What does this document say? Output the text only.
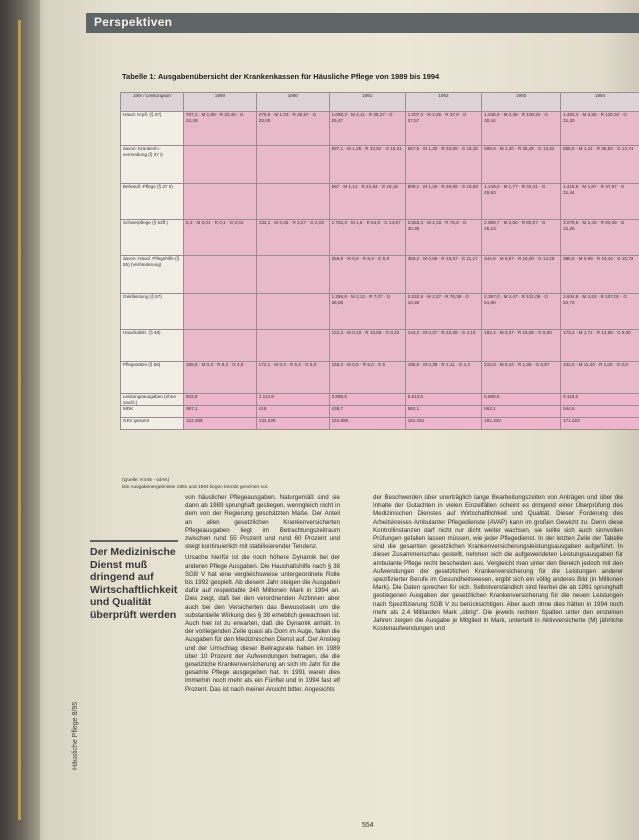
Perspektiven
Tabelle 1: Ausgabenübersicht der Krankenkassen für Häusliche Pflege von 1989 bis 1994
Jahr / Leistungsart	1989	1990	1991	1992	1993	1994
Häusl. Krpfl. (§ 37)	767,1 · M 1,85 · R 32,45 · G 24,29	479,8 · M 1,03 · R 25,57 · G 23,00	1.095,3 · M 2,11 · R 35,27 · G 25,47	1.207,3 · M 2,35 · R 37,8 · G 27,57	1.348,9 · M 2,36 · R 108,34 · G 30,44	1.493,3 · M 2,56 · R 120,34 · G 31,20
davon: Krankenh.-vermeidung (§ 37 I)			597,1 · M 1,25 · R 32,52 · G 15,21	667,5 · M 1,30 · R 33,89 · G 15,32	699,8 · M 1,30 · R 36,45 · G 13,32	658,8 · M 1,21 · R 36,83 · G 14,74
Behandl.-Pflege (§ 37 II)			697 · M 1,14 · R 21,84 · G 16,18	909,1 · M 1,33 · R 26,99 · G 15,93	1.149,0 · M 1,77 · R 34,41 · G 29,93	1.415,6 · M 1,87 · R 37,97 · G 31,44
Schwerpflege (§ 53ff.)	6,3 · M 0,01 · R 0,1 · G 0,01	133,1 · M 0,48 · R 3,27 · G 2,03	1.752,3 · M 1,6 · R 54,9 · G 14,57	2.553,3 · M 2,18 · R 75,6 · G 20,35	2.988,7 · M 2,50 · R 80,07 · G 25,23	3.078,5 · M 2,43 · R 84,08 · G 22,26
davon: Häusl. Pflegehilfe (§ 55) (Verhinderung)			256,8 · M 0,6 · R 8,3 · G 5,9	358,2 · M 0,65 · R 16,37 · G 11,17	344,6 · M 0,67 · R 16,30 · G 14,28	385,6 · M 0,69 · R 19,44 · G 15,72
Geldleistung (§ 57)			1.286,8 · M 2,12 · R 7,07 · G 35,06	2.032,9 · M 2,37 · R 76,39 · G 44,36	2.397,0 · M 2,47 · R 101,08 · G 51,88	2.604,8 · M 2,63 · R 107,01 · G 52,73
Haushaltsh. (§ 38)			131,3 · M 0,18 · R 10,58 · G 0,22	144,2 · M 0,27 · R 22,38 · G 4,19	162,4 · M 0,37 · R 16,55 · G 6,00	173,4 · M 1,71 · R 13,55 · G 5,00
Pflegesätze (§ 56)	169,8 · M 0,3 · R 6,2 · G 4,9	172,1 · M 0,4 · R 5,2 · G 5,0	156,3 · M 0,5 · R 5,0 · G 5	195,6 · M 0,38 · R 1,11 · G 4,4	212,8 · M 0,44 · R 1,38 · G 6,87	242,6 · M 11,40 · R 1,04 · G 0,6
Leistungsausgaben (ohne Sachl.)	943,8	1.114,9	3.895,5	5.813,0	6.888,6	9.119,5
MDK	397,1	418	438,7	582,1	563,1	544,5
GKV gesamt	122.268	134.238	154.886	161.291	181.342	171.023
(Quelle: KV45 - vdAK)
Die Ausgabenergebnisse 1991 und 1994 liegen bereits gesichert vor.
von häuslicher Pflegeausgaben. Naturgemäß sind sie dann ab 1989 sprunghaft gestiegen, wenngleich nicht in dem von der Regierung geschätzten Maße. Der Anteil an allen gesetzlichen Krankenversicherten Pflegeausgaben liegt im Betrachtungszeitraum zwischen rund 55 Prozent und rund 60 Prozent und steigt kontinuierlich mit stabilisierender Tendenz.
Ursache hierfür ist die noch höhere Dynamik bei der anderen Pflege Ausgaben. Die Haushaltshilfe nach § 38 SGB V hat eine vergleichsweise untergeordnete Rolle bis 1992 gespielt. Ab diesem Jahr steigen die Ausgaben dafür auf respektable 340 Millionen Mark in 1994 an. Dies zeigt, daß bei den verordnenden Ärztinnen aber auch bei den Versicherten das Bewusstsein um die substantielle Wirkung des § 38 erheblich gewachsen ist. Auch hier ist zu erwarten, daß die Dynamik anhält. In der vorliegenden Zeile quasi als Dorn im Auge, fallen die Ausgaben für den Medizinischen Dienst auf. Der Anstieg und der Umschlag dieser Beitragsrate haben im 1989 über 10 Prozent der Aufwendungen betragen, die die gesetzliche Krankenversicherung an sich im Jahr für die gesamte Pflege ausgegeben hat. In 1991 waren dies immerhin noch mehr als ein Fünftel und in 1994 fast elf Prozent. Das ist nach meiner Ansicht bitter. Angesichts
Der Medizinische Dienst muß dringend auf Wirtschaftlichkeit und Qualität überprüft werden
der Beschwerden über unerträglich lange Bearbeitungszeiten von Anträgen und über die Inhalte der Gutachten in vielen Einzelfällen scheint es dringend einer Überprüfung des Medizinischen Dienstes auf Wirtschaftlichkeit und Qualität. Dieser Forderung des Arbeitskreises Ambulanter Pflegedienste (AVAP) kann im großen Gewicht zu. Denn diese Kontrollinstanzen darf nicht nur dicht weiter wachsen, sie sollte sich auch sinnvollen Prüfungen gefallen lassen müssen, wie jeder Pflegedienst. In der letzten Zeile der Tabelle sind die gesamten gesetzlichen Krankenversicherungsleistungsausgaben aufgeführt. In dieser Zusammenschau gestellt, nehmen sich die aufgewendeten Leistungsausgaben für ambulante Pflege recht bescheiden aus. Vergleicht man unter den Bereich jedoch mit den Aufwendungen der gesetzlichen Krankenversicherung für die Leistungen anderer spezifizierter Berufe im Gesundheitswesen, ergibt sich ein völlig anderes Bild (in Millionen Mark). Die Daten sprechen für sich. Selbstverständlich sind hierbei die ab 1991 sprunghaft gestiegenen Ausgaben der gesetzlichen Krankenversicherung für die neuen Leistungen nach Spezifizierung SGB V zu berücksichtigen. Aber auch ohne dies hätten in 1994 noch mehr als 2,4 Milliarden Mark „übrig“. Die jeweils rechten Spalten unter den einzelnen Jahren zeigen die Ausgabe je Mitglied in Mark, unterteilt in Aktivversicherte (M) jährliche Kostenaufwendungen und
Häusliche Pflege 8/95
554
